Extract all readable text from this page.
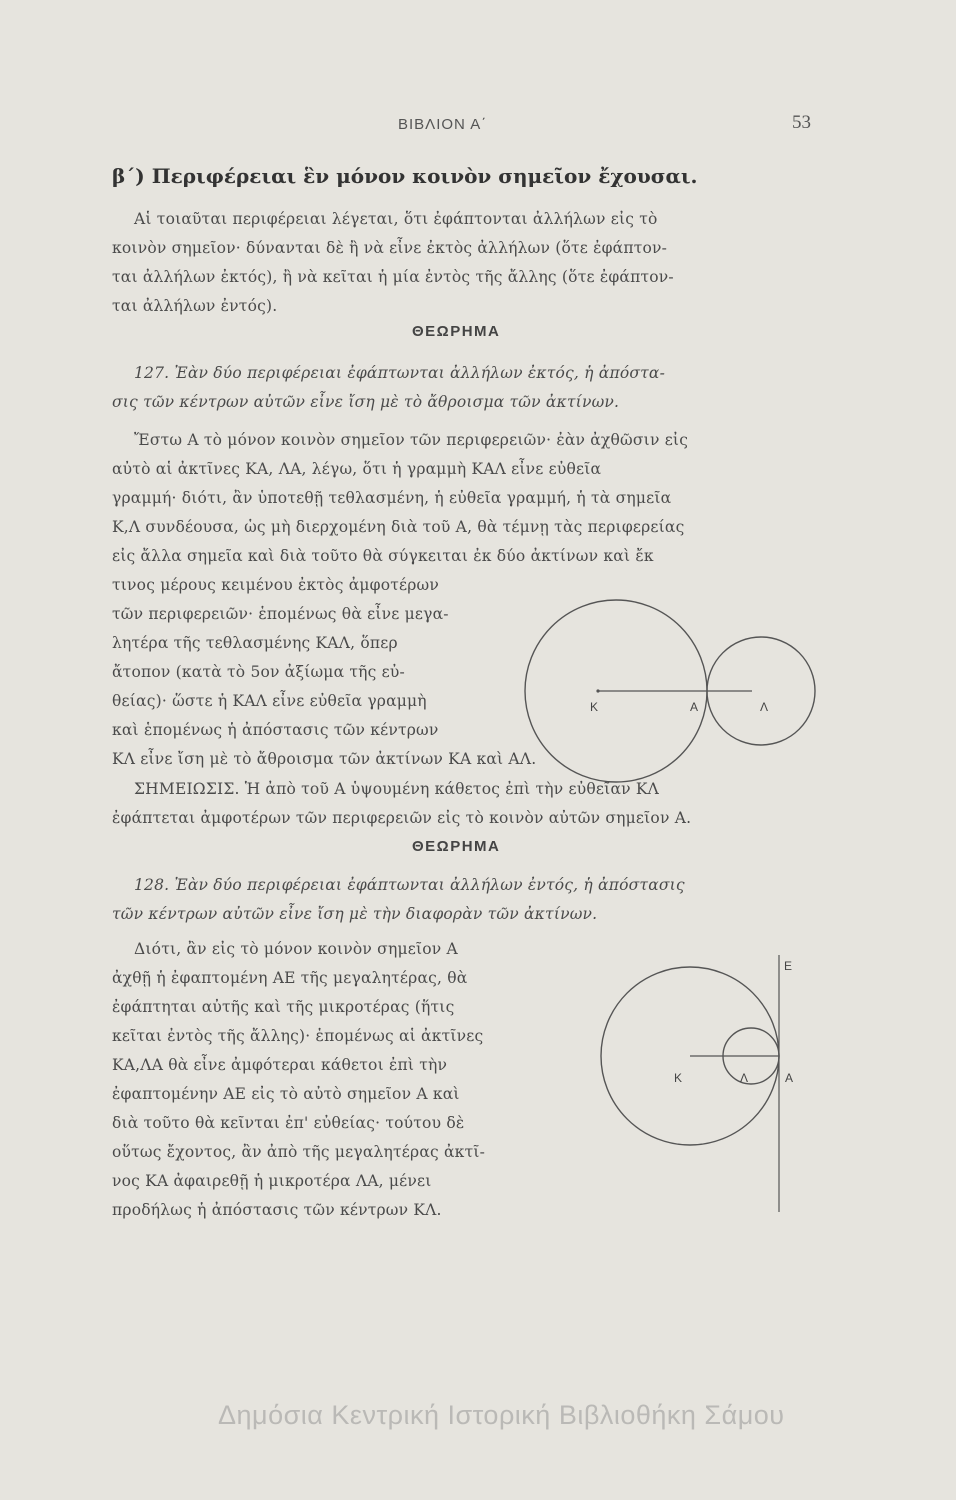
ΒΙΒΛΙΟΝ Α΄	53
β΄) Περιφέρειαι ἓν μόνον κοινὸν σημεῖον ἔχουσαι.
Αἱ τοιαῦται περιφέρειαι λέγεται, ὅτι ἐφάπτονται ἀλλήλων εἰς τὸ
κοινὸν σημεῖον· δύνανται δὲ ἢ νὰ εἶνε ἐκτὸς ἀλλήλων (ὅτε ἐφάπτον-
ται ἀλλήλων ἐκτός), ἢ νὰ κεῖται ἡ μία ἐντὸς τῆς ἄλλης (ὅτε ἐφάπτον-
ται ἀλλήλων ἐντός).
ΘΕΩΡΗΜΑ
127. Ἐὰν δύο περιφέρειαι ἐφάπτωνται ἀλλήλων ἐκτός, ἡ ἀπόστα-
σις τῶν κέντρων αὐτῶν εἶνε ἴση μὲ τὸ ἄθροισμα τῶν ἀκτίνων.
Ἔστω Α τὸ μόνον κοινὸν σημεῖον τῶν περιφερειῶν· ἐὰν ἀχθῶσιν εἰς
αὐτὸ αἱ ἀκτῖνες ΚΑ, ΛΑ, λέγω, ὅτι ἡ γραμμὴ ΚΑΛ εἶνε εὐθεῖα
γραμμή· διότι, ἂν ὑποτεθῇ τεθλασμένη, ἡ εὐθεῖα γραμμή, ἡ τὰ σημεῖα
Κ,Λ συνδέουσα, ὡς μὴ διερχομένη διὰ τοῦ Α, θὰ τέμνῃ τὰς περιφερείας
εἰς ἄλλα σημεῖα καὶ διὰ τοῦτο θὰ σύγκειται ἐκ δύο ἀκτίνων καὶ ἔκ
τινος μέρους κειμένου ἐκτὸς ἀμφοτέρων
τῶν περιφερειῶν· ἑπομένως θὰ εἶνε μεγα-
λητέρα τῆς τεθλασμένης ΚΑΛ, ὅπερ
ἄτοπον (κατὰ τὸ 5ον ἀξίωμα τῆς εὐ-
θείας)· ὥστε ἡ ΚΑΛ εἶνε εὐθεῖα γραμμὴ
καὶ ἑπομένως ἡ ἀπόστασις τῶν κέντρων
ΚΛ εἶνε ἴση μὲ τὸ ἄθροισμα τῶν ἀκτίνων ΚΑ καὶ ΑΛ.
ΣΗΜΕΙΩΣΙΣ. Ἡ ἀπὸ τοῦ Α ὑψουμένη κάθετος ἐπὶ τὴν εὐθεῖαν ΚΛ
ἐφάπτεται ἀμφοτέρων τῶν περιφερειῶν εἰς τὸ κοινὸν αὐτῶν σημεῖον Α.
ΘΕΩΡΗΜΑ
128. Ἐὰν δύο περιφέρειαι ἐφάπτωνται ἀλλήλων ἐντός, ἡ ἀπόστασις
τῶν κέντρων αὐτῶν εἶνε ἴση μὲ τὴν διαφορὰν τῶν ἀκτίνων.
Διότι, ἂν εἰς τὸ μόνον κοινὸν σημεῖον Α
ἀχθῇ ἡ ἐφαπτομένη ΑΕ τῆς μεγαλητέρας, θὰ
ἐφάπτηται αὐτῆς καὶ τῆς μικροτέρας (ἥτις
κεῖται ἐντὸς τῆς ἄλλης)· ἑπομένως αἱ ἀκτῖνες
ΚΑ,ΛΑ θὰ εἶνε ἀμφότεραι κάθετοι ἐπὶ τὴν
ἐφαπτομένην ΑΕ εἰς τὸ αὐτὸ σημεῖον Α καὶ
διὰ τοῦτο θὰ κεῖνται ἐπ' εὐθείας· τούτου δὲ
οὕτως ἔχοντος, ἂν ἀπὸ τῆς μεγαλητέρας ἀκτῖ-
νος ΚΑ ἀφαιρεθῇ ἡ μικροτέρα ΛΑ, μένει
προδήλως ἡ ἀπόστασις τῶν κέντρων ΚΛ.
Κ	Α	Λ
Ε
Κ	Λ	Α
Δημόσια Κεντρική Ιστορική Βιβλιοθήκη Σάμου
